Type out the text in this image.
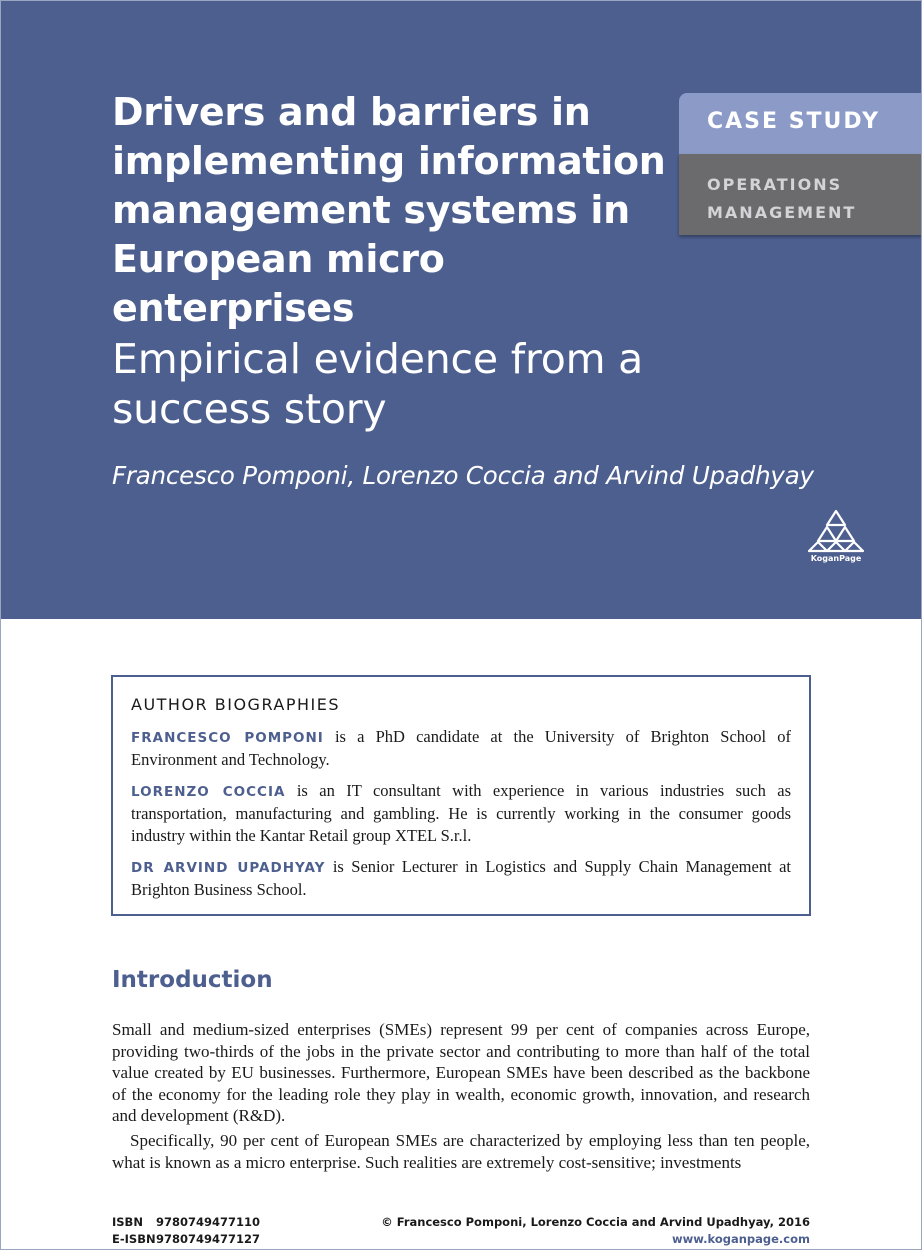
Drivers and barriers in implementing information management systems in European micro enterprises
Empirical evidence from a success story
Francesco Pomponi, Lorenzo Coccia and Arvind Upadhyay
CASE STUDY
OPERATIONS
MANAGEMENT
KoganPage
AUTHOR BIOGRAPHIES

FRANCESCO POMPONI is a PhD candidate at the University of Brighton School of Environment and Technology.

LORENZO COCCIA is an IT consultant with experience in various industries such as transportation, manufacturing and gambling. He is currently working in the consumer goods industry within the Kantar Retail group XTEL S.r.l.

DR ARVIND UPADHYAY is Senior Lecturer in Logistics and Supply Chain Management at Brighton Business School.

Introduction

Small and medium-sized enterprises (SMEs) represent 99 per cent of companies across Europe, providing two-thirds of the jobs in the private sector and contributing to more than half of the total value created by EU businesses. Furthermore, European SMEs have been described as the backbone of the economy for the leading role they play in wealth, economic growth, innovation, and research and development (R&D).

Specifically, 90 per cent of European SMEs are characterized by employing less than ten people, what is known as a micro enterprise. Such realities are extremely cost-sensitive; investments

ISBN 9780749477110
E-ISBN9780749477127
© Francesco Pomponi, Lorenzo Coccia and Arvind Upadhyay, 2016
www.koganpage.com
